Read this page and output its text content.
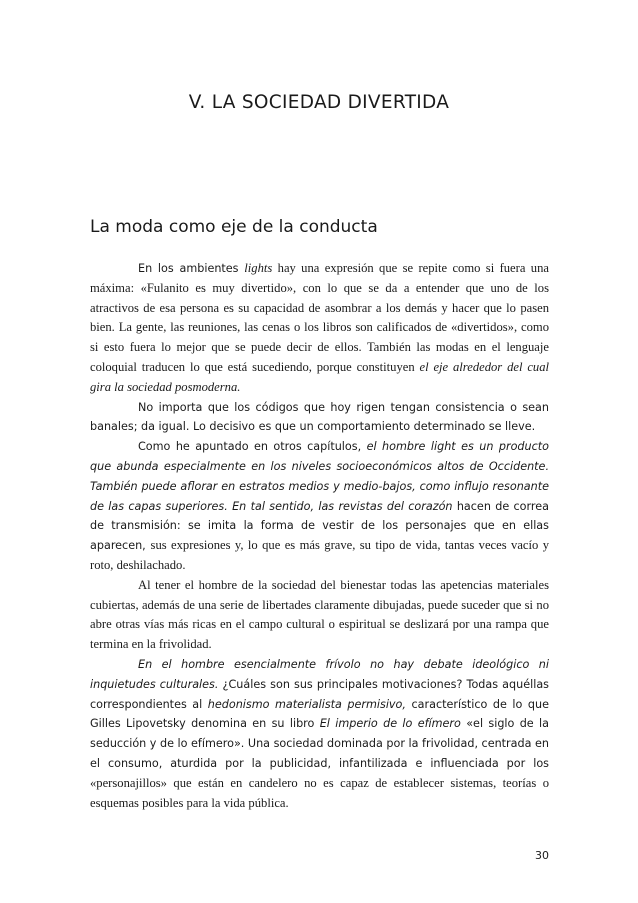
V. LA SOCIEDAD DIVERTIDA
La moda como eje de la conducta

En los ambientes lights hay una expresión que se repite como si fuera una máxima: «Fulanito es muy divertido», con lo que se da a entender que uno de los atractivos de esa persona es su capacidad de asombrar a los demás y hacer que lo pasen bien. La gente, las reuniones, las cenas o los libros son calificados de «divertidos», como si esto fuera lo mejor que se puede decir de ellos. También las modas en el lenguaje coloquial traducen lo que está sucediendo, porque constituyen el eje alrededor del cual gira la sociedad posmoderna.

No importa que los códigos que hoy rigen tengan consistencia o sean banales; da igual. Lo decisivo es que un comportamiento determinado se lleve.

Como he apuntado en otros capítulos, el hombre light es un producto que abunda especialmente en los niveles socioeconómicos altos de Occidente. También puede aflorar en estratos medios y medio-bajos, como influjo resonante de las capas superiores. En tal sentido, las revistas del corazón hacen de correa de transmisión: se imita la forma de vestir de los personajes que en ellas aparecen, sus expresiones y, lo que es más grave, su tipo de vida, tantas veces vacío y roto, deshilachado.

Al tener el hombre de la sociedad del bienestar todas las apetencias materiales cubiertas, además de una serie de libertades claramente dibujadas, puede suceder que si no abre otras vías más ricas en el campo cultural o espiritual se deslizará por una rampa que termina en la frivolidad.

En el hombre esencialmente frívolo no hay debate ideológico ni inquietudes culturales. ¿Cuáles son sus principales motivaciones? Todas aquéllas correspondientes al hedonismo materialista permisivo, característico de lo que Gilles Lipovetsky denomina en su libro El imperio de lo efímero «el siglo de la seducción y de lo efímero». Una sociedad dominada por la frivolidad, centrada en el consumo, aturdida por la publicidad, infantilizada e influenciada por los «personajillos» que están en candelero no es capaz de establecer sistemas, teorías o esquemas posibles para la vida pública.

30
